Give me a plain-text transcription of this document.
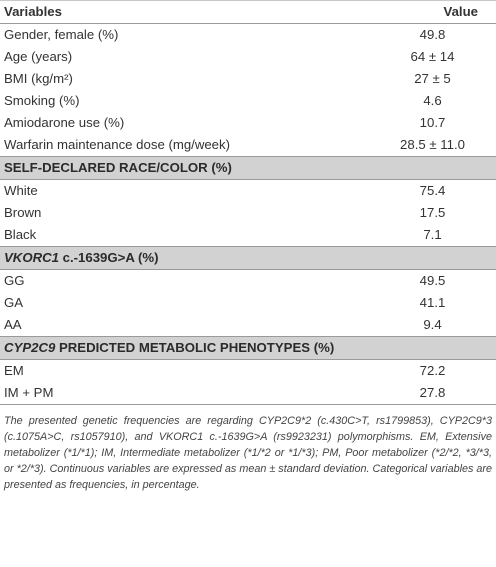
Variables	Value
Gender, female (%)	49.8
Age (years)	64 ± 14
BMI (kg/m²)	27 ± 5
Smoking (%)	4.6
Amiodarone use (%)	10.7
Warfarin maintenance dose (mg/week)	28.5 ± 11.0
SELF-DECLARED RACE/COLOR (%)	
White	75.4
Brown	17.5
Black	7.1
VKORC1 c.-1639G>A (%)	
GG	49.5
GA	41.1
AA	9.4
CYP2C9 PREDICTED METABOLIC PHENOTYPES (%)	
EM	72.2
IM + PM	27.8

The presented genetic frequencies are regarding CYP2C9*2 (c.430C>T, rs1799853), CYP2C9*3 (c.1075A>C, rs1057910), and VKORC1 c.-1639G>A (rs9923231) polymorphisms. EM, Extensive metabolizer (*1/*1); IM, Intermediate metabolizer (*1/*2 or *1/*3); PM, Poor metabolizer (*2/*2, *3/*3, or *2/*3). Continuous variables are expressed as mean ± standard deviation. Categorical variables are presented as frequencies, in percentage.
